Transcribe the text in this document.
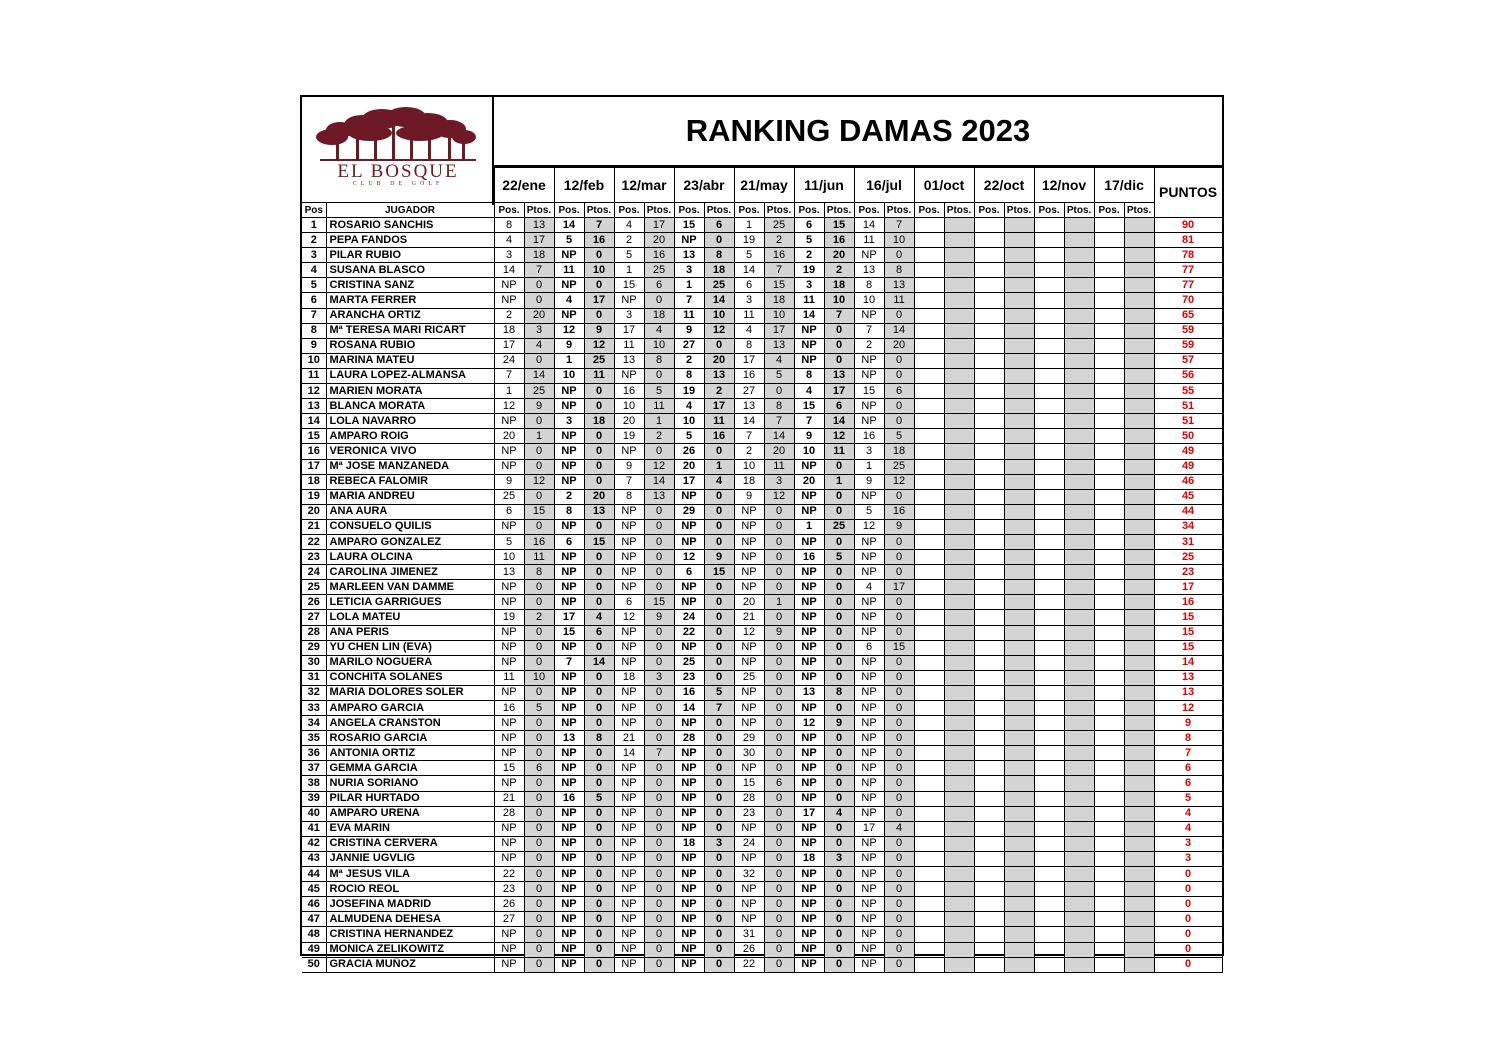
EL BOSQUE
CLUB DE GOLF
RANKING DAMAS 2023
		22/ene		12/feb		12/mar		23/abr		21/may		11/jun		16/jul		01/oct		22/oct		12/nov		17/dic		PUNTOS
Pos	JUGADOR	Pos.	Ptos.	Pos.	Ptos.	Pos.	Ptos.	Pos.	Ptos.	Pos.	Ptos.	Pos.	Ptos.	Pos.	Ptos.	Pos.	Ptos.	Pos.	Ptos.	Pos.	Ptos.	Pos.	Ptos.	
1	ROSARIO SANCHIS	8	13	14	7	4	17	15	6	1	25	6	15	14	7									90
2	PEPA FANDOS	4	17	5	16	2	20	NP	0	19	2	5	16	11	10									81
3	PILAR RUBIO	3	18	NP	0	5	16	13	8	5	16	2	20	NP	0									78
4	SUSANA BLASCO	14	7	11	10	1	25	3	18	14	7	19	2	13	8									77
5	CRISTINA SANZ	NP	0	NP	0	15	6	1	25	6	15	3	18	8	13									77
6	MARTA FERRER	NP	0	4	17	NP	0	7	14	3	18	11	10	10	11									70
7	ARANCHA ORTIZ	2	20	NP	0	3	18	11	10	11	10	14	7	NP	0									65
8	Mª TERESA MARI RICART	18	3	12	9	17	4	9	12	4	17	NP	0	7	14									59
9	ROSANA RUBIO	17	4	9	12	11	10	27	0	8	13	NP	0	2	20									59
10	MARINA MATEU	24	0	1	25	13	8	2	20	17	4	NP	0	NP	0									57
11	LAURA LOPEZ-ALMANSA	7	14	10	11	NP	0	8	13	16	5	8	13	NP	0									56
12	MARIEN MORATA	1	25	NP	0	16	5	19	2	27	0	4	17	15	6									55
13	BLANCA MORATA	12	9	NP	0	10	11	4	17	13	8	15	6	NP	0									51
14	LOLA NAVARRO	NP	0	3	18	20	1	10	11	14	7	7	14	NP	0									51
15	AMPARO ROIG	20	1	NP	0	19	2	5	16	7	14	9	12	16	5									50
16	VERONICA VIVO	NP	0	NP	0	NP	0	26	0	2	20	10	11	3	18									49
17	Mª JOSE MANZANEDA	NP	0	NP	0	9	12	20	1	10	11	NP	0	1	25									49
18	REBECA FALOMIR	9	12	NP	0	7	14	17	4	18	3	20	1	9	12									46
19	MARIA ANDREU	25	0	2	20	8	13	NP	0	9	12	NP	0	NP	0									45
20	ANA AURA	6	15	8	13	NP	0	29	0	NP	0	NP	0	5	16									44
21	CONSUELO QUILIS	NP	0	NP	0	NP	0	NP	0	NP	0	1	25	12	9									34
22	AMPARO GONZALEZ	5	16	6	15	NP	0	NP	0	NP	0	NP	0	NP	0									31
23	LAURA OLCINA	10	11	NP	0	NP	0	12	9	NP	0	16	5	NP	0									25
24	CAROLINA JIMENEZ	13	8	NP	0	NP	0	6	15	NP	0	NP	0	NP	0									23
25	MARLEEN VAN DAMME	NP	0	NP	0	NP	0	NP	0	NP	0	NP	0	4	17									17
26	LETICIA GARRIGUES	NP	0	NP	0	6	15	NP	0	20	1	NP	0	NP	0									16
27	LOLA MATEU	19	2	17	4	12	9	24	0	21	0	NP	0	NP	0									15
28	ANA PERIS	NP	0	15	6	NP	0	22	0	12	9	NP	0	NP	0									15
29	YU CHEN LIN (EVA)	NP	0	NP	0	NP	0	NP	0	NP	0	NP	0	6	15									15
30	MARILO NOGUERA	NP	0	7	14	NP	0	25	0	NP	0	NP	0	NP	0									14
31	CONCHITA SOLANES	11	10	NP	0	18	3	23	0	25	0	NP	0	NP	0									13
32	MARIA DOLORES SOLER	NP	0	NP	0	NP	0	16	5	NP	0	13	8	NP	0									13
33	AMPARO GARCIA	16	5	NP	0	NP	0	14	7	NP	0	NP	0	NP	0									12
34	ANGELA CRANSTON	NP	0	NP	0	NP	0	NP	0	NP	0	12	9	NP	0									9
35	ROSARIO GARCIA	NP	0	13	8	21	0	28	0	29	0	NP	0	NP	0									8
36	ANTONIA ORTIZ	NP	0	NP	0	14	7	NP	0	30	0	NP	0	NP	0									7
37	GEMMA GARCIA	15	6	NP	0	NP	0	NP	0	NP	0	NP	0	NP	0									6
38	NURIA SORIANO	NP	0	NP	0	NP	0	NP	0	15	6	NP	0	NP	0									6
39	PILAR HURTADO	21	0	16	5	NP	0	NP	0	28	0	NP	0	NP	0									5
40	AMPARO URENA	28	0	NP	0	NP	0	NP	0	23	0	17	4	NP	0									4
41	EVA MARIN	NP	0	NP	0	NP	0	NP	0	NP	0	NP	0	17	4									4
42	CRISTINA CERVERA	NP	0	NP	0	NP	0	18	3	24	0	NP	0	NP	0									3
43	JANNIE UGVLIG	NP	0	NP	0	NP	0	NP	0	NP	0	18	3	NP	0									3
44	Mª JESUS VILA	22	0	NP	0	NP	0	NP	0	32	0	NP	0	NP	0									0
45	ROCIO REOL	23	0	NP	0	NP	0	NP	0	NP	0	NP	0	NP	0									0
46	JOSEFINA MADRID	26	0	NP	0	NP	0	NP	0	NP	0	NP	0	NP	0									0
47	ALMUDENA DEHESA	27	0	NP	0	NP	0	NP	0	NP	0	NP	0	NP	0									0
48	CRISTINA HERNANDEZ	NP	0	NP	0	NP	0	NP	0	31	0	NP	0	NP	0									0
49	MONICA ZELIKOWITZ	NP	0	NP	0	NP	0	NP	0	26	0	NP	0	NP	0									0
50	GRACIA MUÑOZ	NP	0	NP	0	NP	0	NP	0	22	0	NP	0	NP	0									0
